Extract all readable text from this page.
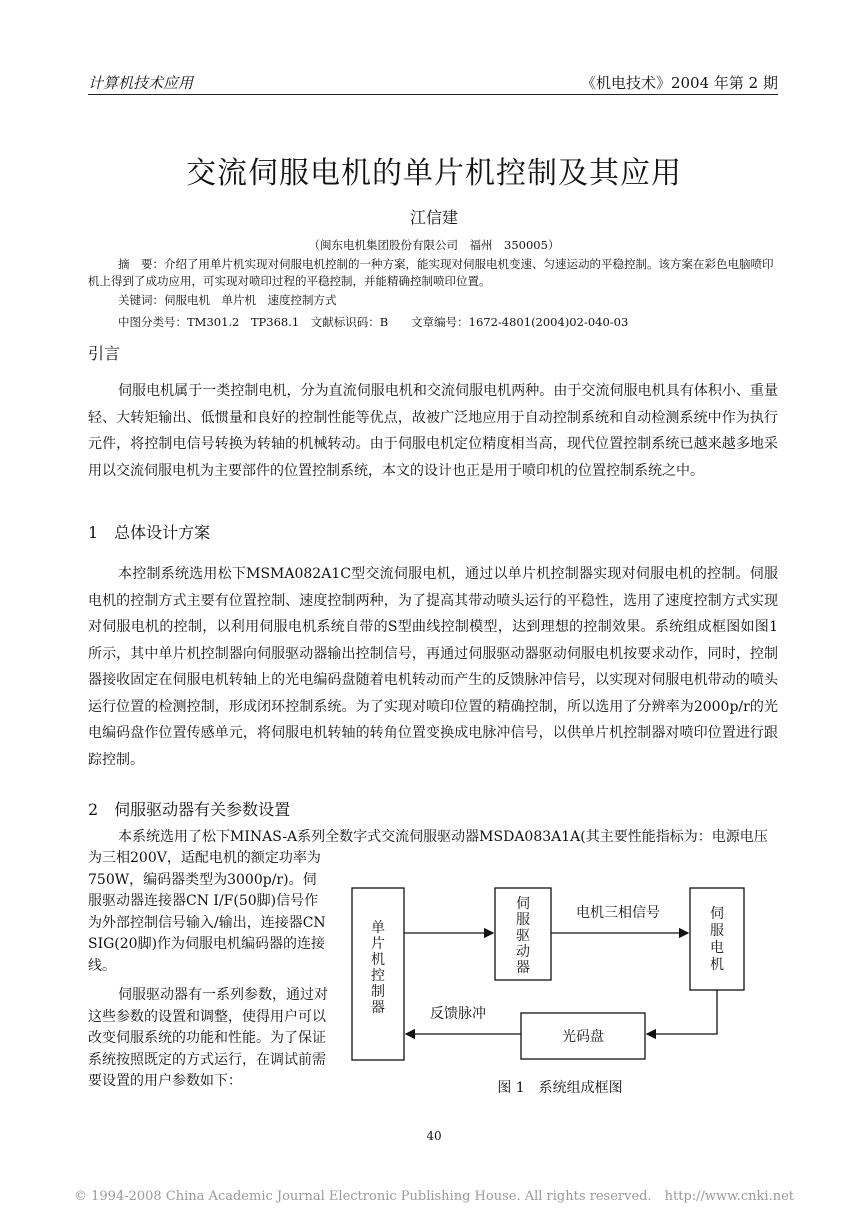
计算机技术应用	《机电技术》2004 年第 2 期
交流伺服电机的单片机控制及其应用
江信建
（闽东电机集团股份有限公司　福州　350005）

摘　要：介绍了用单片机实现对伺服电机控制的一种方案，能实现对伺服电机变速、匀速运动的平稳控制。该方案在彩色电脑喷印机上得到了成功应用，可实现对喷印过程的平稳控制，并能精确控制喷印位置。

关键词：伺服电机　单片机　速度控制方式
中图分类号：TM301.2　TP368.1　文献标识码：B　　文章编号：1672-4801(2004)02-040-03
引言

伺服电机属于一类控制电机，分为直流伺服电机和交流伺服电机两种。由于交流伺服电机具有体积小、重量轻、大转矩输出、低惯量和良好的控制性能等优点，故被广泛地应用于自动控制系统和自动检测系统中作为执行元件，将控制电信号转换为转轴的机械转动。由于伺服电机定位精度相当高，现代位置控制系统已越来越多地采用以交流伺服电机为主要部件的位置控制系统，本文的设计也正是用于喷印机的位置控制系统之中。

1　总体设计方案

本控制系统选用松下MSMA082A1C型交流伺服电机，通过以单片机控制器实现对伺服电机的控制。伺服电机的控制方式主要有位置控制、速度控制两种，为了提高其带动喷头运行的平稳性，选用了速度控制方式实现对伺服电机的控制，以利用伺服电机系统自带的S型曲线控制模型，达到理想的控制效果。系统组成框图如图1所示，其中单片机控制器向伺服驱动器输出控制信号，再通过伺服驱动器驱动伺服电机按要求动作，同时，控制器接收固定在伺服电机转轴上的光电编码盘随着电机转动而产生的反馈脉冲信号，以实现对伺服电机带动的喷头运行位置的检测控制，形成闭环控制系统。为了实现对喷印位置的精确控制，所以选用了分辨率为2000p/r的光电编码盘作位置传感单元，将伺服电机转轴的转角位置变换成电脉冲信号，以供单片机控制器对喷印位置进行跟踪控制。

2　伺服驱动器有关参数设置

本系统选用了松下MINAS-A系列全数字式交流伺服驱动器MSDA083A1A(其主要性能指标为：电源电压

为三相200V，适配电机的额定功率为750W，编码器类型为3000p/r)。伺服驱动器连接器CN I/F(50脚)信号作为外部控制信号输入/输出，连接器CN SIG(20脚)作为伺服电机编码器的连接线。

伺服驱动器有一系列参数，通过对这些参数的设置和调整，使得用户可以改变伺服系统的功能和性能。为了保证系统按照既定的方式运行，在调试前需要设置的用户参数如下：

单片机控制器
伺服驱动器
伺服电机
光码盘
电机三相信号
反馈脉冲
图 1　系统组成框图
40
© 1994-2008 China Academic Journal Electronic Publishing House. All rights reserved.　http://www.cnki.net
